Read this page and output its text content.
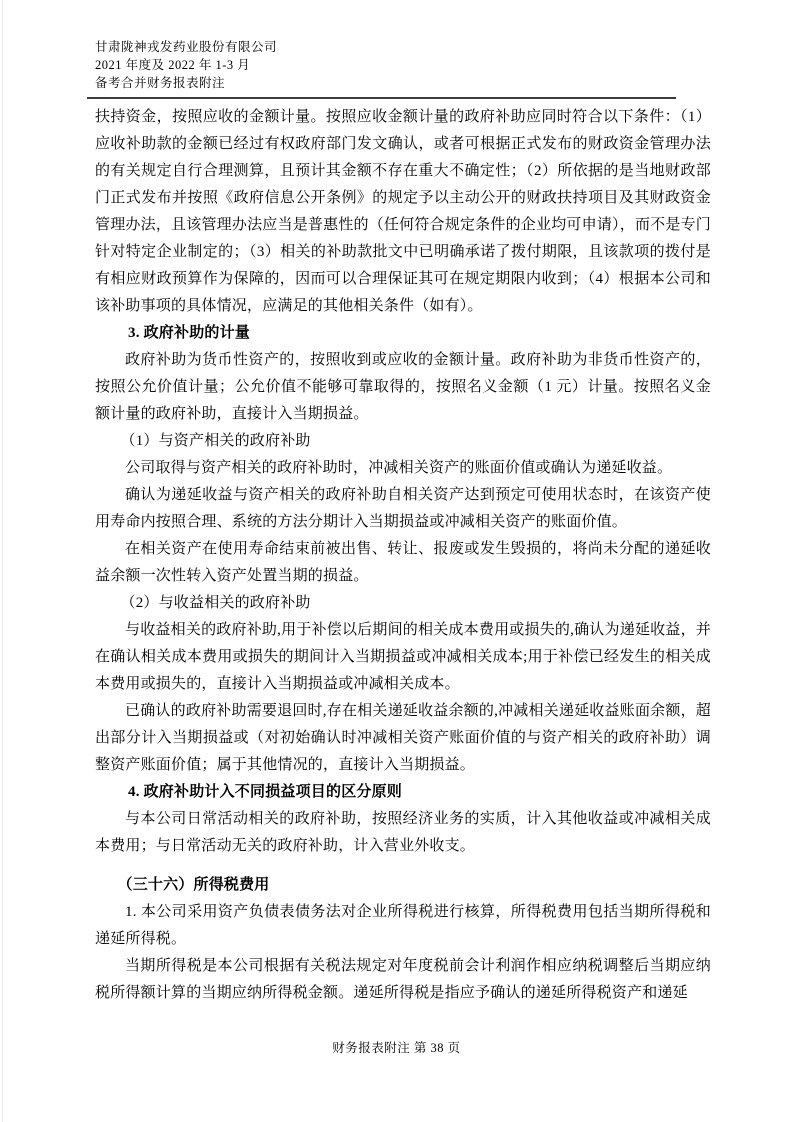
甘肃陇神戎发药业股份有限公司
2021 年度及 2022 年 1-3 月
备考合并财务报表附注

扶持资金，按照应收的金额计量。按照应收金额计量的政府补助应同时符合以下条件：（1）应收补助款的金额已经过有权政府部门发文确认，或者可根据正式发布的财政资金管理办法的有关规定自行合理测算，且预计其金额不存在重大不确定性；（2）所依据的是当地财政部门正式发布并按照《政府信息公开条例》的规定予以主动公开的财政扶持项目及其财政资金管理办法，且该管理办法应当是普惠性的（任何符合规定条件的企业均可申请），而不是专门针对特定企业制定的；（3）相关的补助款批文中已明确承诺了拨付期限，且该款项的拨付是有相应财政预算作为保障的，因而可以合理保证其可在规定期限内收到；（4）根据本公司和该补助事项的具体情况，应满足的其他相关条件（如有）。

3. 政府补助的计量

政府补助为货币性资产的，按照收到或应收的金额计量。政府补助为非货币性资产的，按照公允价值计量；公允价值不能够可靠取得的，按照名义金额（1 元）计量。按照名义金额计量的政府补助，直接计入当期损益。

（1）与资产相关的政府补助

公司取得与资产相关的政府补助时，冲减相关资产的账面价值或确认为递延收益。

确认为递延收益与资产相关的政府补助自相关资产达到预定可使用状态时，在该资产使用寿命内按照合理、系统的方法分期计入当期损益或冲减相关资产的账面价值。

在相关资产在使用寿命结束前被出售、转让、报废或发生毁损的，将尚未分配的递延收益余额一次性转入资产处置当期的损益。

（2）与收益相关的政府补助

与收益相关的政府补助,用于补偿以后期间的相关成本费用或损失的,确认为递延收益，并在确认相关成本费用或损失的期间计入当期损益或冲减相关成本;用于补偿已经发生的相关成本费用或损失的，直接计入当期损益或冲减相关成本。

已确认的政府补助需要退回时,存在相关递延收益余额的,冲减相关递延收益账面余额，超出部分计入当期损益或（对初始确认时冲减相关资产账面价值的与资产相关的政府补助）调整资产账面价值；属于其他情况的，直接计入当期损益。

4. 政府补助计入不同损益项目的区分原则

与本公司日常活动相关的政府补助，按照经济业务的实质，计入其他收益或冲减相关成本费用；与日常活动无关的政府补助，计入营业外收支。

（三十六）所得税费用

1. 本公司采用资产负债表债务法对企业所得税进行核算，所得税费用包括当期所得税和递延所得税。

当期所得税是本公司根据有关税法规定对年度税前会计利润作相应纳税调整后当期应纳税所得额计算的当期应纳所得税金额。递延所得税是指应予确认的递延所得税资产和递延

财务报表附注 第 38 页
